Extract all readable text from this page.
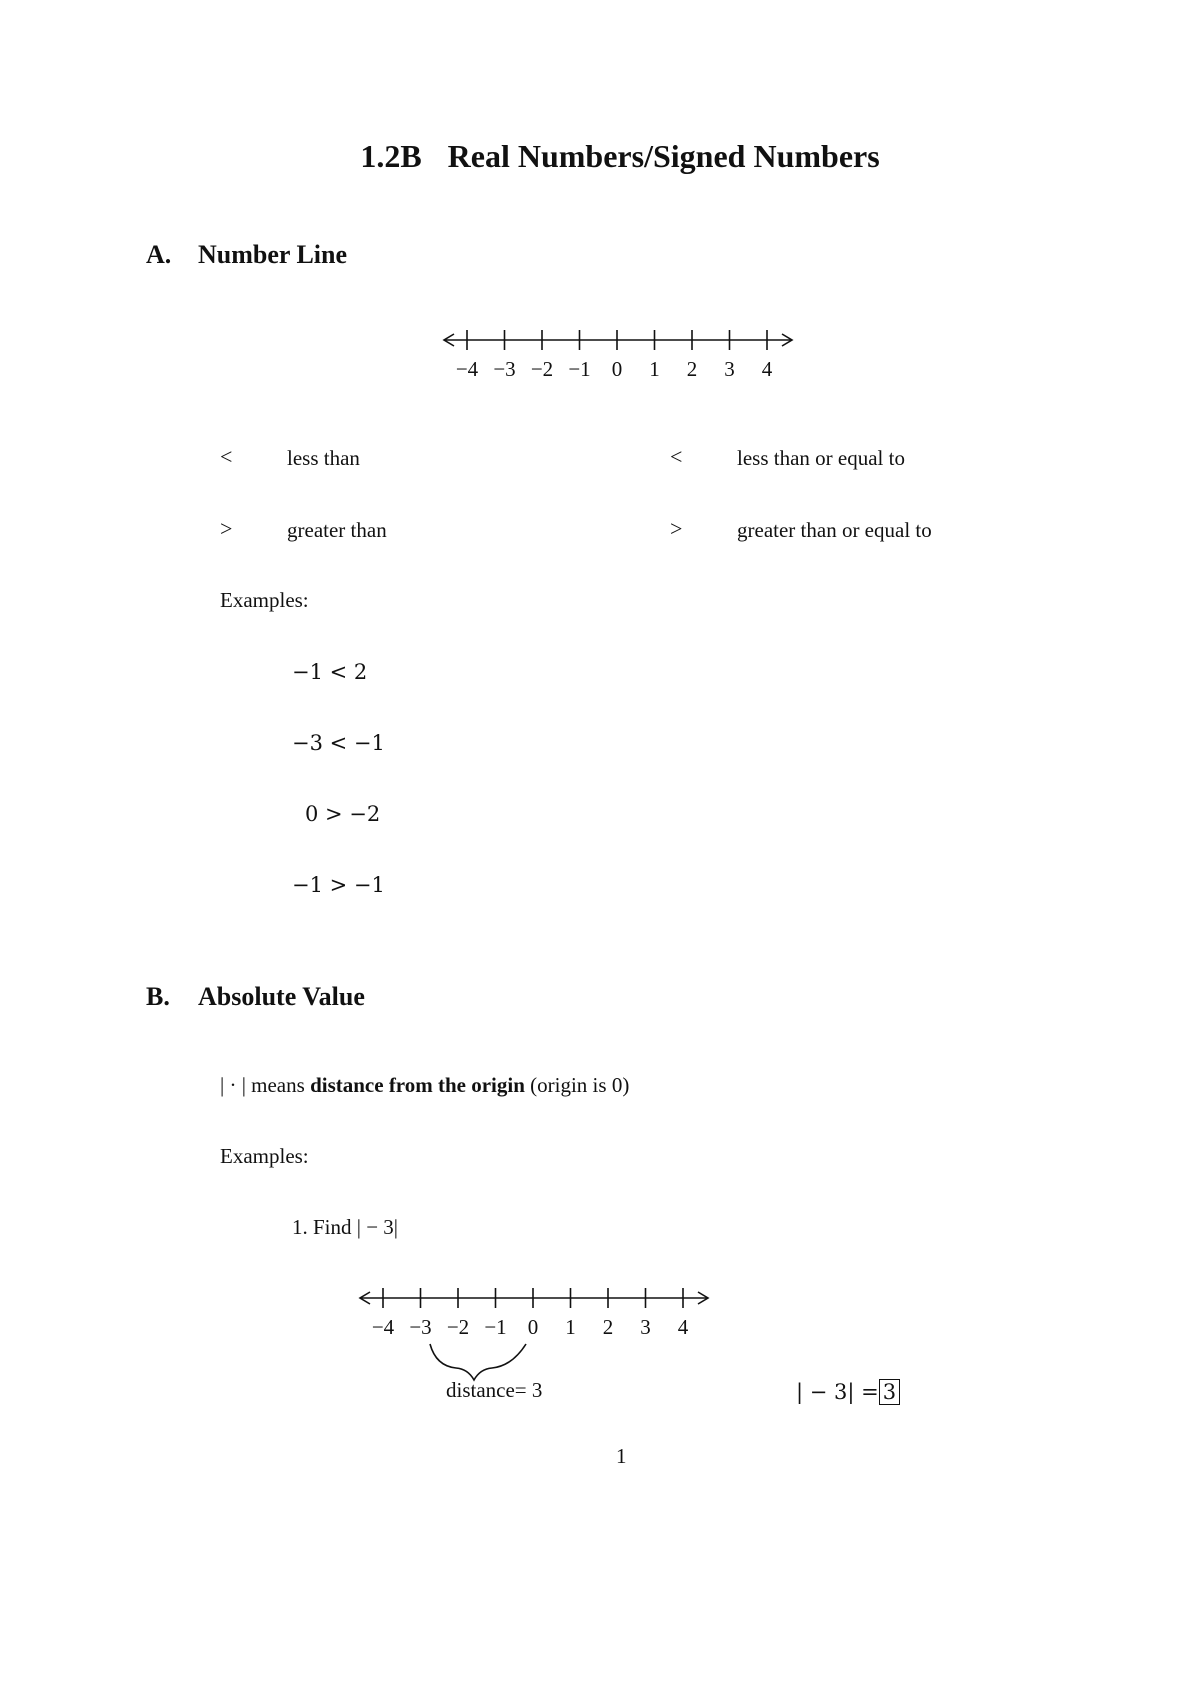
1.2B Real Numbers/Signed Numbers
A. Number Line
−4 −3 −2 −1 0 1 2 3 4
<	less than	<	less than or equal to
>	greater than	>	greater than or equal to
Examples:
−1 < 2
−3 < −1
0 > −2
−1 > −1
B. Absolute Value
| · | means distance from the origin (origin is 0)
Examples:
1. Find | − 3|
−4 −3 −2 −1 0 1 2 3 4
distance= 3	| − 3| = 3
1
